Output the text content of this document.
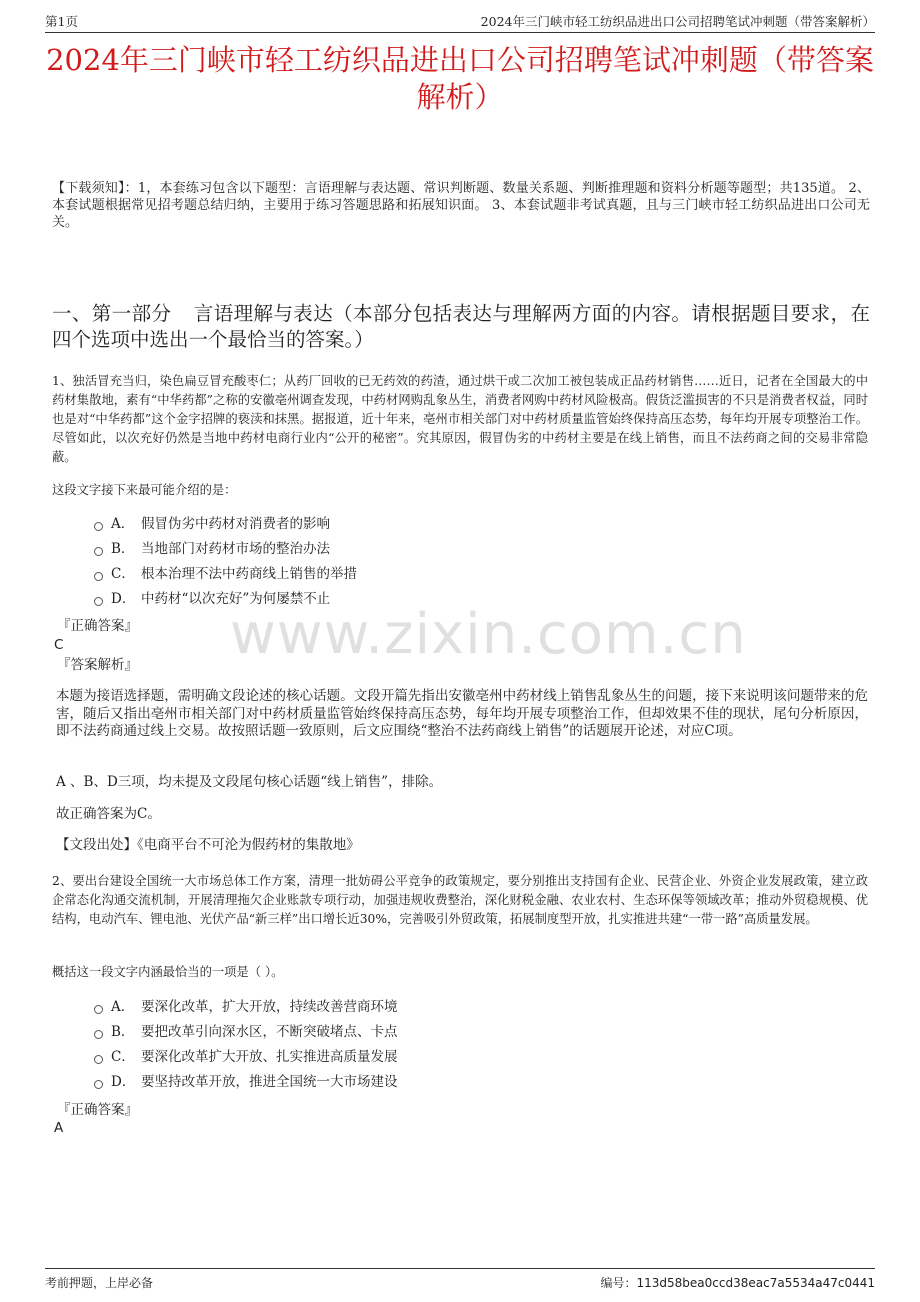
第1页	2024年三门峡市轻工纺织品进出口公司招聘笔试冲刺题（带答案解析）
2024年三门峡市轻工纺织品进出口公司招聘笔试冲刺题（带答案解析）
【下载须知】：1，本套练习包含以下题型：言语理解与表达题、常识判断题、数量关系题、判断推理题和资料分析题等题型；共135道。 2、本套试题根据常见招考题总结归纳，主要用于练习答题思路和拓展知识面。 3、本套试题非考试真题，且与三门峡市轻工纺织品进出口公司无关。
一、第一部分 言语理解与表达（本部分包括表达与理解两方面的内容。请根据题目要求，在四个选项中选出一个最恰当的答案。）
1、独活冒充当归，染色扁豆冒充酸枣仁；从药厂回收的已无药效的药渣，通过烘干或二次加工被包装成正品药材销售……近日，记者在全国最大的中药材集散地，素有“中华药都”之称的安徽亳州调查发现，中药材网购乱象丛生，消费者网购中药材风险极高。假货泛滥损害的不只是消费者权益，同时也是对“中华药都”这个金字招牌的亵渎和抹黑。据报道，近十年来，亳州市相关部门对中药材质量监管始终保持高压态势，每年均开展专项整治工作。尽管如此，以次充好仍然是当地中药材电商行业内“公开的秘密”。究其原因，假冒伪劣的中药材主要是在线上销售，而且不法药商之间的交易非常隐蔽。
这段文字接下来最可能介绍的是：
A． 假冒伪劣中药材对消费者的影响
B． 当地部门对药材市场的整治办法
C． 根本治理不法中药商线上销售的举措
D． 中药材“以次充好”为何屡禁不止
『正确答案』
C
『答案解析』
本题为接语选择题，需明确文段论述的核心话题。文段开篇先指出安徽亳州中药材线上销售乱象丛生的问题，接下来说明该问题带来的危害，随后又指出亳州市相关部门对中药材质量监管始终保持高压态势，每年均开展专项整治工作，但却效果不佳的现状，尾句分析原因，即不法药商通过线上交易。故按照话题一致原则，后文应围绕“整治不法药商线上销售”的话题展开论述，对应C项。
A 、B、D三项，均未提及文段尾句核心话题“线上销售”，排除。
故正确答案为C。
【文段出处】《电商平台不可沦为假药材的集散地》
2、要出台建设全国统一大市场总体工作方案，清理一批妨碍公平竞争的政策规定，要分别推出支持国有企业、民营企业、外资企业发展政策，建立政企常态化沟通交流机制，开展清理拖欠企业账款专项行动，加强违规收费整治，深化财税金融、农业农村、生态环保等领域改革；推动外贸稳规模、优结构，电动汽车、锂电池、光伏产品“新三样”出口增长近30%，完善吸引外贸政策，拓展制度型开放，扎实推进共建“一带一路”高质量发展。
概括这一段文字内涵最恰当的一项是（ ）。
A． 要深化改革，扩大开放，持续改善营商环境
B． 要把改革引向深水区，不断突破堵点、卡点
C． 要深化改革扩大开放、扎实推进高质量发展
D． 要坚持改革开放，推进全国统一大市场建设
『正确答案』
A
www.zixin.com.cn
考前押题，上岸必备	编号：113d58bea0ccd38eac7a5534a47c0441
